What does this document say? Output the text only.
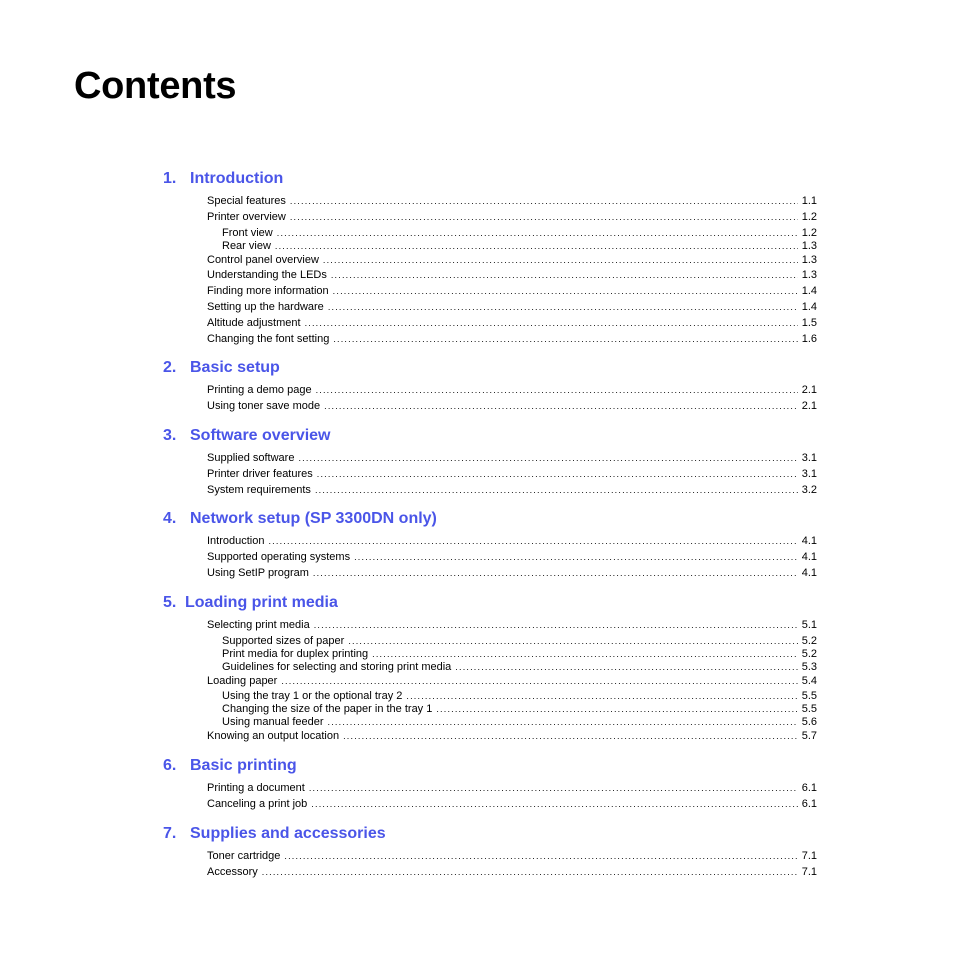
Contents
1. Introduction
Special features .....	1.1
Printer overview .....	1.2
Front view .....	1.2
Rear view .....	1.3
Control panel overview .....	1.3
Understanding the LEDs .....	1.3
Finding more information .....	1.4
Setting up the hardware .....	1.4
Altitude adjustment .....	1.5
Changing the font setting .....	1.6
2. Basic setup
Printing a demo page .....	2.1
Using toner save mode .....	2.1
3. Software overview
Supplied software .....	3.1
Printer driver features .....	3.1
System requirements .....	3.2
4. Network setup (SP 3300DN only)
Introduction .....	4.1
Supported operating systems .....	4.1
Using SetIP program .....	4.1
5. Loading print media
Selecting print media .....	5.1
Supported sizes of paper .....	5.2
Print media for duplex printing .....	5.2
Guidelines for selecting and storing print media .....	5.3
Loading paper .....	5.4
Using the tray 1 or the optional tray 2 .....	5.5
Changing the size of the paper in the tray 1 .....	5.5
Using manual feeder .....	5.6
Knowing an output location .....	5.7
6. Basic printing
Printing a document .....	6.1
Canceling a print job .....	6.1
7. Supplies and accessories
Toner cartridge .....	7.1
Accessory .....	7.1
